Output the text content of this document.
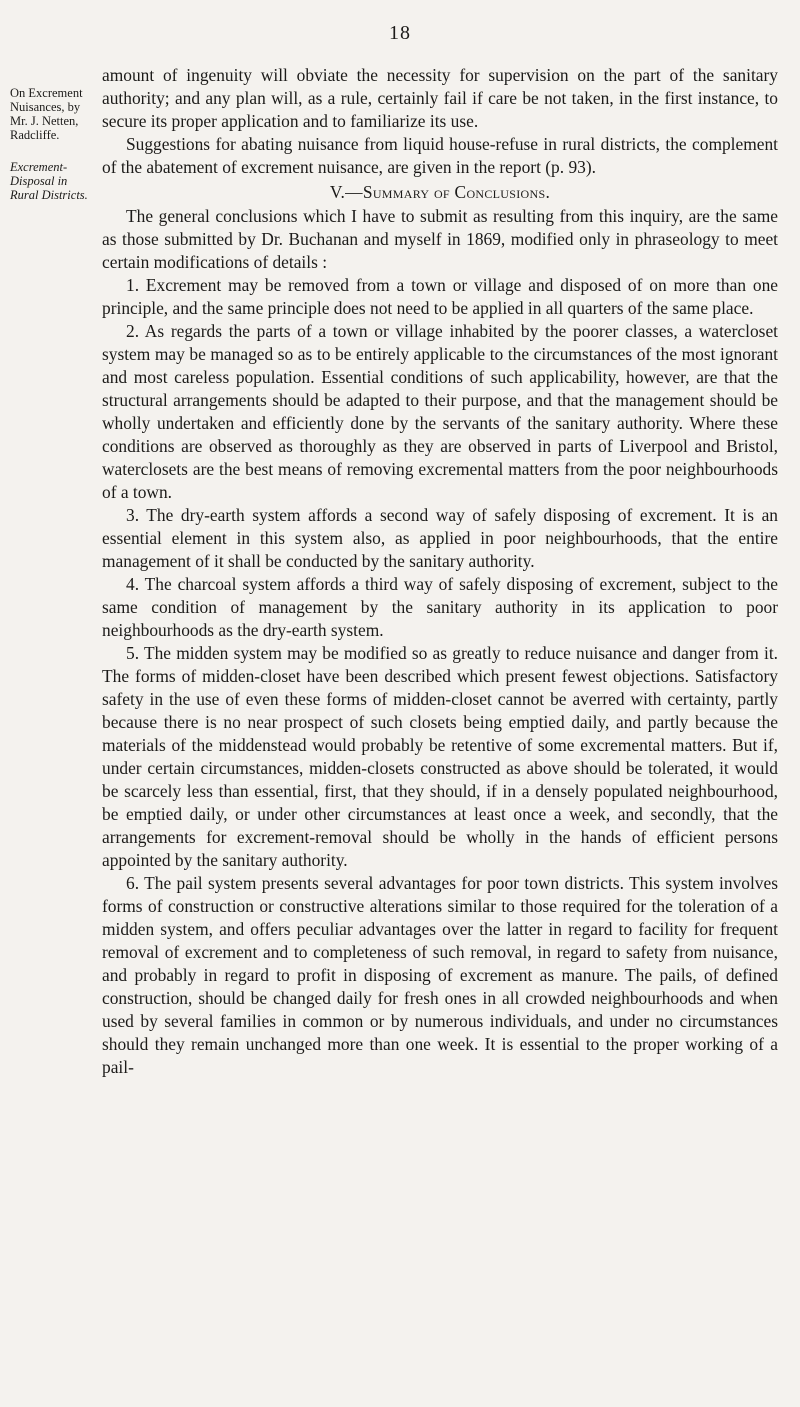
18
On Excrement Nuisances, by Mr. J. Netten, Radcliffe.
Excrement-Disposal in Rural Districts.

amount of ingenuity will obviate the necessity for supervision on the part of the sanitary authority; and any plan will, as a rule, certainly fail if care be not taken, in the first instance, to secure its proper application and to familiarize its use.

Suggestions for abating nuisance from liquid house-refuse in rural districts, the complement of the abatement of excrement nuisance, are given in the report (p. 93).

V.—Summary of Conclusions.

The general conclusions which I have to submit as resulting from this inquiry, are the same as those submitted by Dr. Buchanan and myself in 1869, modified only in phraseology to meet certain modifications of details :

1. Excrement may be removed from a town or village and disposed of on more than one principle, and the same principle does not need to be applied in all quarters of the same place.

2. As regards the parts of a town or village inhabited by the poorer classes, a watercloset system may be managed so as to be entirely applicable to the circumstances of the most ignorant and most careless population. Essential conditions of such applicability, however, are that the structural arrangements should be adapted to their purpose, and that the management should be wholly undertaken and efficiently done by the servants of the sanitary authority. Where these conditions are observed as thoroughly as they are observed in parts of Liverpool and Bristol, waterclosets are the best means of removing excremental matters from the poor neighbourhoods of a town.

3. The dry-earth system affords a second way of safely disposing of excrement. It is an essential element in this system also, as applied in poor neighbourhoods, that the entire management of it shall be conducted by the sanitary authority.

4. The charcoal system affords a third way of safely disposing of excrement, subject to the same condition of management by the sanitary authority in its application to poor neighbourhoods as the dry-earth system.

5. The midden system may be modified so as greatly to reduce nuisance and danger from it. The forms of midden-closet have been described which present fewest objections. Satisfactory safety in the use of even these forms of midden-closet cannot be averred with certainty, partly because there is no near prospect of such closets being emptied daily, and partly because the materials of the middenstead would probably be retentive of some excremental matters. But if, under certain circumstances, midden-closets constructed as above should be tolerated, it would be scarcely less than essential, first, that they should, if in a densely populated neighbourhood, be emptied daily, or under other circumstances at least once a week, and secondly, that the arrangements for excrement-removal should be wholly in the hands of efficient persons appointed by the sanitary authority.

6. The pail system presents several advantages for poor town districts. This system involves forms of construction or constructive alterations similar to those required for the toleration of a midden system, and offers peculiar advantages over the latter in regard to facility for frequent removal of excrement and to completeness of such removal, in regard to safety from nuisance, and probably in regard to profit in disposing of excrement as manure. The pails, of defined construction, should be changed daily for fresh ones in all crowded neighbourhoods and when used by several families in common or by numerous individuals, and under no circumstances should they remain unchanged more than one week. It is essential to the proper working of a pail-
